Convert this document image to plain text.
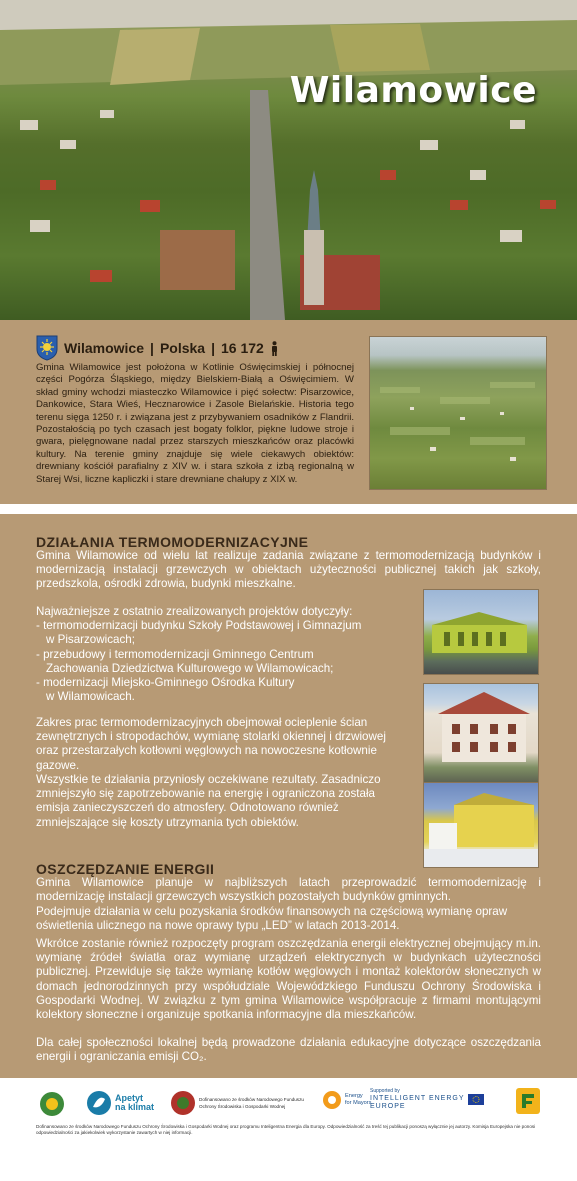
Wilamowice
Wilamowice | Polska | 16 172
Gmina Wilamowice jest położona w Kotlinie Oświęcimskiej i północnej części Pogórza Śląskiego, między Bielskiem-Białą a Oświęcimiem. W skład gminy wchodzi miasteczko Wilamowice i pięć sołectw: Pisarzowice, Dankowice, Stara Wieś, Hecznarowice i Zasole Bielańskie. Historia tego terenu sięga 1250 r. i związana jest z przybywaniem osadników z Flandrii. Pozostałością po tych czasach jest bogaty folklor, piękne ludowe stroje i gwara, pielęgnowane nadal przez starszych mieszkańców oraz placówki kultury. Na terenie gminy znajduje się wiele ciekawych obiektów: drewniany kościół parafialny z XIV w. i stara szkoła z izbą regionalną w Starej Wsi, liczne kapliczki i stare drewniane chałupy z XIX w.
DZIAŁANIA TERMOMODERNIZACYJNE
Gmina Wilamowice od wielu lat realizuje zadania związane z termomodernizacją budynków i modernizacją instalacji grzewczych w obiektach użyteczności publicznej takich jak szkoły, przedszkola, ośrodki zdrowia, budynki mieszkalne.
Najważniejsze z ostatnio zrealizowanych projektów dotyczyły:
- termomodernizacji budynku Szkoły Podstawowej i Gimnazjum
w Pisarzowicach;
- przebudowy i termomodernizacji Gminnego Centrum
Zachowania Dziedzictwa Kulturowego w Wilamowicach;
- modernizacji Miejsko-Gminnego Ośrodka Kultury
w Wilamowicach.
Zakres prac termomodernizacyjnych obejmował ocieplenie ścian zewnętrznych i stropodachów, wymianę stolarki okiennej i drzwiowej oraz przestarzałych kotłowni węglowych na nowoczesne kotłownie gazowe.
Wszystkie te działania przyniosły oczekiwane rezultaty. Zasadniczo zmniejszyło się zapotrzebowanie na energię i ograniczona została emisja zanieczyszczeń do atmosfery. Odnotowano również zmniejszające się koszty utrzymania tych obiektów.
OSZCZĘDZANIE ENERGII
Gmina Wilamowice planuje w najbliższych latach przeprowadzić termomodernizację i modernizację instalacji grzewczych wszystkich pozostałych budynków gminnych.
Podejmuje działania w celu pozyskania środków finansowych na częściową wymianę opraw oświetlenia ulicznego na nowe oprawy typu „LED” w latach 2013-2014.
Wkrótce zostanie również rozpoczęty program oszczędzania energii elektrycznej obejmujący m.in. wymianę źródeł światła oraz wymianę urządzeń elektrycznych w budynkach użyteczności publicznej. Przewiduje się także wymianę kotłów węglowych i montaż kolektorów słonecznych w domach jednorodzinnych przy współudziale Wojewódzkiego Funduszu Ochrony Środowiska i Gospodarki Wodnej. W związku z tym gmina Wilamowice współpracuje z firmami montującymi kolektory słoneczne i organizuje spotkania informacyjne dla mieszkańców.
Dla całej społeczności lokalnej będą prowadzone działania edukacyjne dotyczące oszczędzania energii i ograniczania emisji CO₂.
Apetyt
na klimat
Dofinansowano ze środków Narodowego Funduszu
Ochrony Środowiska i Gospodarki Wodnej
Energy
for Mayors
Supported by
INTELLIGENT ENERGY
EUROPE
Dofinansowano ze środków Narodowego Funduszu Ochrony Środowiska i Gospodarki Wodnej oraz programu Inteligentna Energia dla Europy. Odpowiedzialność za treść tej publikacji ponoszą wyłącznie jej autorzy. Komisja Europejska nie ponosi odpowiedzialności za jakiekolwiek wykorzystanie zawartych w niej informacji.
